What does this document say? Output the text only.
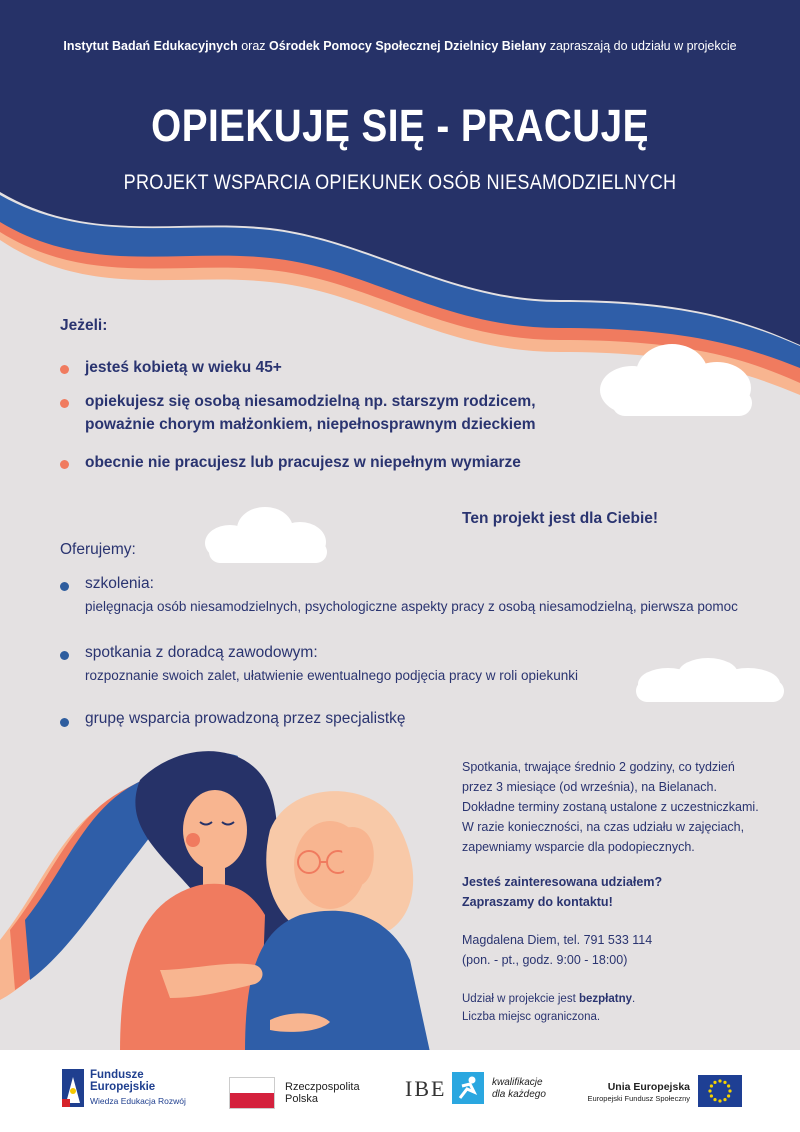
Instytut Badań Edukacyjnych oraz Ośrodek Pomocy Społecznej Dzielnicy Bielany zapraszają do udziału w projekcie
OPIEKUJĘ SIĘ - PRACUJĘ
PROJEKT WSPARCIA OPIEKUNEK OSÓB NIESAMODZIELNYCH
Jeżeli:
jesteś kobietą w wieku 45+
opiekujesz się osobą niesamodzielną np. starszym rodzicem,
poważnie chorym małżonkiem, niepełnosprawnym dzieckiem
obecnie nie pracujesz lub pracujesz w niepełnym wymiarze
Ten projekt jest dla Ciebie!
Oferujemy:
szkolenia:
pielęgnacja osób niesamodzielnych, psychologiczne aspekty pracy z osobą niesamodzielną, pierwsza pomoc
spotkania z doradcą zawodowym:
rozpoznanie swoich zalet, ułatwienie ewentualnego podjęcia pracy w roli opiekunki
grupę wsparcia prowadzoną przez specjalistkę
Spotkania, trwające średnio 2 godziny, co tydzień
przez 3 miesiące (od września), na Bielanach.
Dokładne terminy zostaną ustalone z uczestniczkami.
W razie konieczności, na czas udziału w zajęciach,
zapewniamy wsparcie dla podopiecznych.
Jesteś zainteresowana udziałem?
Zapraszamy do kontaktu!
Magdalena Diem, tel. 791 533 114
(pon. - pt., godz. 9:00 - 18:00)
Udział w projekcie jest bezpłatny.
Liczba miejsc ograniczona.
Fundusze
Europejskie
Wiedza Edukacja Rozwój
Rzeczpospolita
Polska	IBE	kwalifikacje
dla każdego
Unia Europejska
Europejski Fundusz Społeczny
